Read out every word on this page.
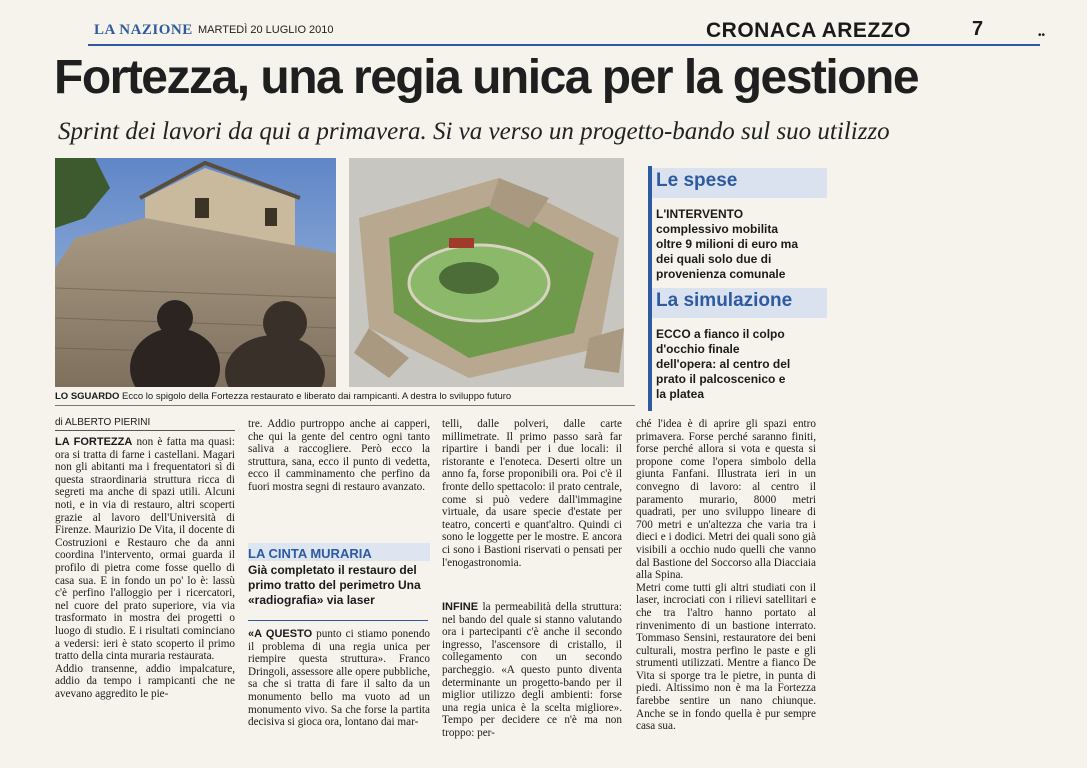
LA NAZIONE MARTEDÌ 20 LUGLIO 2010	CRONACA AREZZO	7	••
Fortezza, una regia unica per la gestione
Sprint dei lavori da qui a primavera. Si va verso un progetto-bando sul suo utilizzo
LO SGUARDO Ecco lo spigolo della Fortezza restaurato e liberato dai rampicanti. A destra lo sviluppo futuro
Le spese
L'INTERVENTO complessivo mobilita oltre 9 milioni di euro ma dei quali solo due di provenienza comunale
La simulazione
ECCO a fianco il colpo d'occhio finale dell'opera: al centro del prato il palcoscenico e la platea
di ALBERTO PIERINI

LA FORTEZZA non è fatta ma quasi: ora si tratta di farne i castellani. Magari non gli abitanti ma i frequentatori sì di questa straordinaria struttura ricca di segreti ma anche di spazi utili. Alcuni noti, e in via di restauro, altri scoperti grazie al lavoro dell'Università di Firenze. Maurizio De Vita, il docente di Costruzioni e Restauro che da anni coordina l'intervento, ormai guarda il profilo di pietra come fosse quello di casa sua. E in fondo un po' lo è: lassù c'è perfino l'alloggio per i ricercatori, nel cuore del prato superiore, via via trasformato in mostra dei progetti o luogo di studio. E i risultati cominciano a vedersi: ieri è stato scoperto il primo tratto della cinta muraria restaurata.

Addio transenne, addio impalcature, addio da tempo i rampicanti che ne avevano aggredito le pie-

tre. Addio purtroppo anche ai capperi, che qui la gente del centro ogni tanto saliva a raccogliere. Però ecco la struttura, sana, ecco il punto di vedetta, ecco il camminamento che perfino da fuori mostra segni di restauro avanzato.

LA CINTA MURARIA
Già completato il restauro del primo tratto del perimetro Una «radiografia» via laser

«A QUESTO punto ci stiamo ponendo il problema di una regia unica per riempire questa struttura». Franco Dringoli, assessore alle opere pubbliche, sa che si tratta di fare il salto da un monumento bello ma vuoto ad un monumento vivo. Sa che forse la partita decisiva si gioca ora, lontano dai mar-

telli, dalle polveri, dalle carte millimetrate. Il primo passo sarà far ripartire i bandi per i due locali: il ristorante e l'enoteca. Deserti oltre un anno fa, forse proponibili ora. Poi c'è il fronte dello spettacolo: il prato centrale, come si può vedere dall'immagine virtuale, da usare specie d'estate per teatro, concerti e quant'altro. Quindi ci sono le loggette per le mostre. E ancora ci sono i Bastioni riservati o pensati per l'enogastronomia.

INFINE la permeabilità della struttura: nel bando del quale si stanno valutando ora i partecipanti c'è anche il secondo ingresso, l'ascensore di cristallo, il collegamento con un secondo parcheggio. «A questo punto diventa determinante un progetto-bando per il miglior utilizzo degli ambienti: forse una regia unica è la scelta migliore». Tempo per decidere ce n'è ma non troppo: per-

ché l'idea è di aprire gli spazi entro primavera. Forse perché saranno finiti, forse perché allora si vota e questa si propone come l'opera simbolo della giunta Fanfani. Illustrata ieri in un convegno di lavoro: al centro il paramento murario, 8000 metri quadrati, per uno sviluppo lineare di 700 metri e un'altezza che varia tra i dieci e i dodici. Metri dei quali sono già visibili a occhio nudo quelli che vanno dal Bastione del Soccorso alla Diacciaia alla Spina.

Metri come tutti gli altri studiati con il laser, incrociati con i rilievi satellitari e che tra l'altro hanno portato al rinvenimento di un bastione interrato. Tommaso Sensini, restauratore dei beni culturali, mostra perfino le paste e gli strumenti utilizzati. Mentre a fianco De Vita si sporge tra le pietre, in punta di piedi. Altissimo non è ma la Fortezza farebbe sentire un nano chiunque. Anche se in fondo quella è pur sempre casa sua.
